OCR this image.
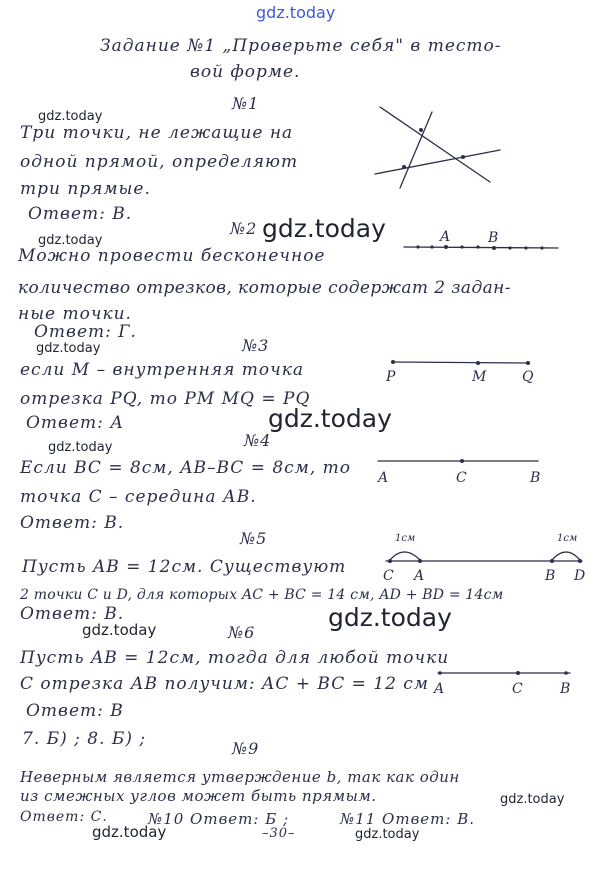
gdz.today
gdz.today
gdz.today	gdz.today
gdz.today
gdz.today
gdz.today
gdz.today
gdz.today
gdz.today
gdz.today	gdz.today
Задание №1 „Проверьте себя" в тесто-
вой форме.
№1
Три точки, не лежащие на
одной прямой, определяют
три прямые.
Ответ: В.
№2
Можно провести бесконечное
количество отрезков, которые содержат 2 задан-
ные точки.
Ответ: Г.
№3
если M – внутренняя точка
отрезка PQ, то PM MQ = PQ
Ответ: А
№4
Если BC = 8см, AB–BC = 8см, то
точка С – середина АВ.
Ответ: В.
№5
Пусть AB = 12см. Существуют
2 точки C и D, для которых AC + BC = 14 см, AD + BD = 14см
Ответ: В.
№6
Пусть AB = 12см, тогда для любой точки
С отрезка АВ получим: AC + BC = 12 см
Ответ: В
7. Б) ; 8. Б) ;	№9
Неверным является утверждение b, так как один
из смежных углов может быть прямым.
Ответ: С.	№10 Ответ: Б ;	№11 Ответ: В.
–30–
A	B
P	M	Q
A	C	B
1см	1см
C A	B D
A	C	B
